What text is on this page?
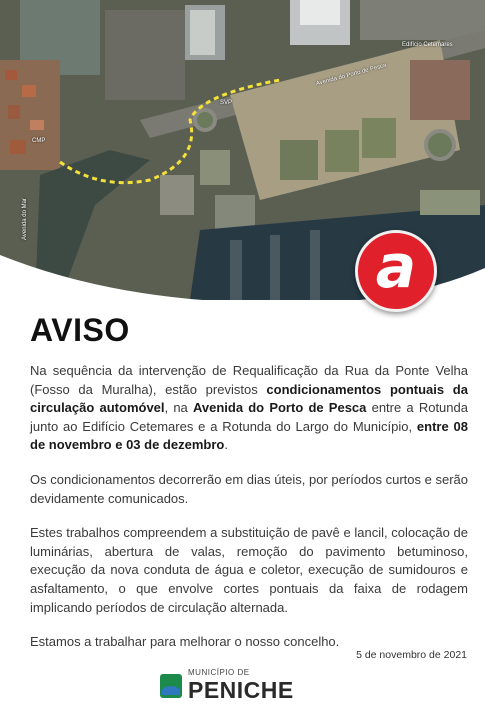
Avenida do Porto de Pesca
Edifício Cetemares
Avenida do Mar
CMP
SVP
a
AVISO

Na sequência da intervenção de Requalificação da Rua da Ponte Velha (Fosso da Muralha), estão previstos condicionamentos pontuais da circulação automóvel, na Avenida do Porto de Pesca entre a Rotunda junto ao Edifício Cetemares e a Rotunda do Largo do Município, entre 08 de novembro e 03 de dezembro.

Os condicionamentos decorrerão em dias úteis, por períodos curtos e serão devidamente comunicados.

Estes trabalhos compreendem a substituição de pavê e lancil, colocação de luminárias, abertura de valas, remoção do pavimento betuminoso, execução da nova conduta de água e coletor, execução de sumidouros e asfaltamento, o que envolve cortes pontuais da faixa de rodagem implicando períodos de circulação alternada.

Estamos a trabalhar para melhorar o nosso concelho.

5 de novembro de 2021
MUNICÍPIO DE
PENICHE
